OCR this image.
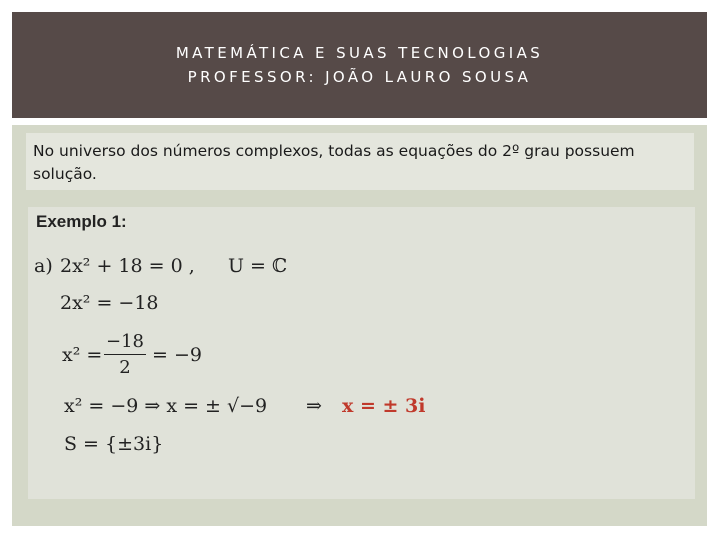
MATEMÁTICA E SUAS TECNOLOGIAS
PROFESSOR: JOÃO LAURO SOUSA
No universo dos números complexos, todas as equações do 2º grau possuem solução.
Exemplo 1:
a) 2x² + 18 = 0 , U = ℂ
2x² = −18
$x^2 = \frac{-18}{2} = -9$
x² = −9 ⇒ x = ± √−9 ⇒ x = ± 3i
S = {±3i}
